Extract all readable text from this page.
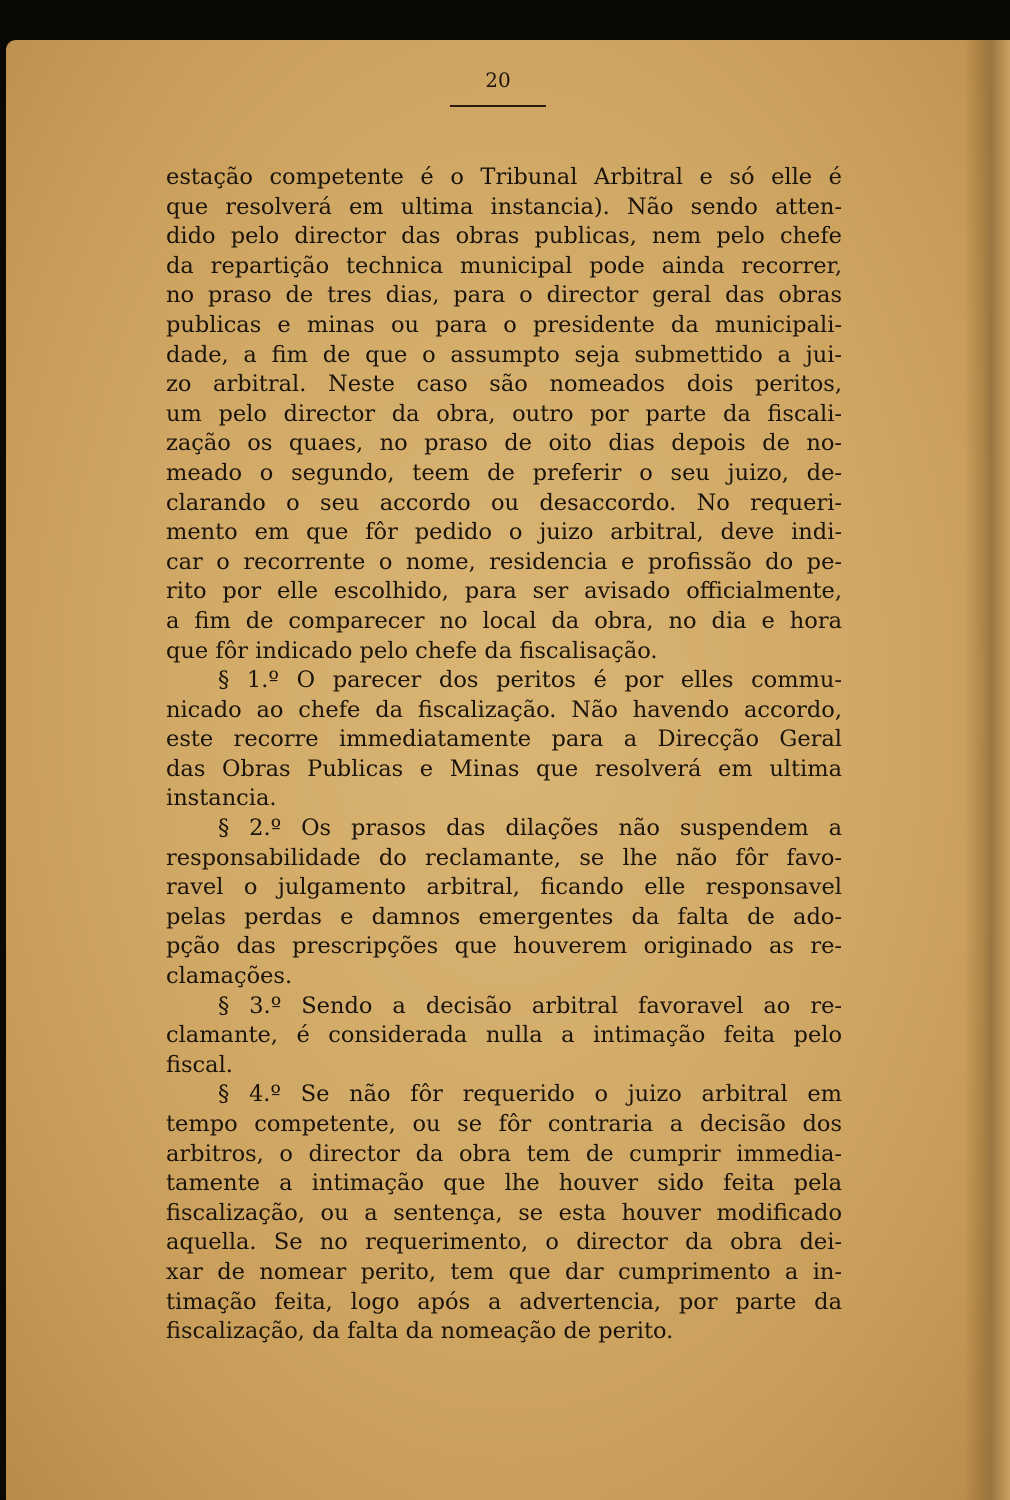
20
estação competente é o Tribunal Arbitral e só elle é
que resolverá em ultima instancia). Não sendo atten-
dido pelo director das obras publicas, nem pelo chefe
da repartição technica municipal pode ainda recorrer,
no praso de tres dias, para o director geral das obras
publicas e minas ou para o presidente da municipali-
dade, a fim de que o assumpto seja submettido a jui-
zo arbitral. Neste caso são nomeados dois peritos,
um pelo director da obra, outro por parte da fiscali-
zação os quaes, no praso de oito dias depois de no-
meado o segundo, teem de preferir o seu juizo, de-
clarando o seu accordo ou desaccordo. No requeri-
mento em que fôr pedido o juizo arbitral, deve indi-
car o recorrente o nome, residencia e profissão do pe-
rito por elle escolhido, para ser avisado officialmente,
a fim de comparecer no local da obra, no dia e hora
que fôr indicado pelo chefe da fiscalisação.
§ 1.º O parecer dos peritos é por elles commu-
nicado ao chefe da fiscalização. Não havendo accordo,
este recorre immediatamente para a Direcção Geral
das Obras Publicas e Minas que resolverá em ultima
instancia.
§ 2.º Os prasos das dilações não suspendem a
responsabilidade do reclamante, se lhe não fôr favo-
ravel o julgamento arbitral, ficando elle responsavel
pelas perdas e damnos emergentes da falta de ado-
pção das prescripções que houverem originado as re-
clamações.
§ 3.º Sendo a decisão arbitral favoravel ao re-
clamante, é considerada nulla a intimação feita pelo
fiscal.
§ 4.º Se não fôr requerido o juizo arbitral em
tempo competente, ou se fôr contraria a decisão dos
arbitros, o director da obra tem de cumprir immedia-
tamente a intimação que lhe houver sido feita pela
fiscalização, ou a sentença, se esta houver modificado
aquella. Se no requerimento, o director da obra dei-
xar de nomear perito, tem que dar cumprimento a in-
timação feita, logo após a advertencia, por parte da
fiscalização, da falta da nomeação de perito.
